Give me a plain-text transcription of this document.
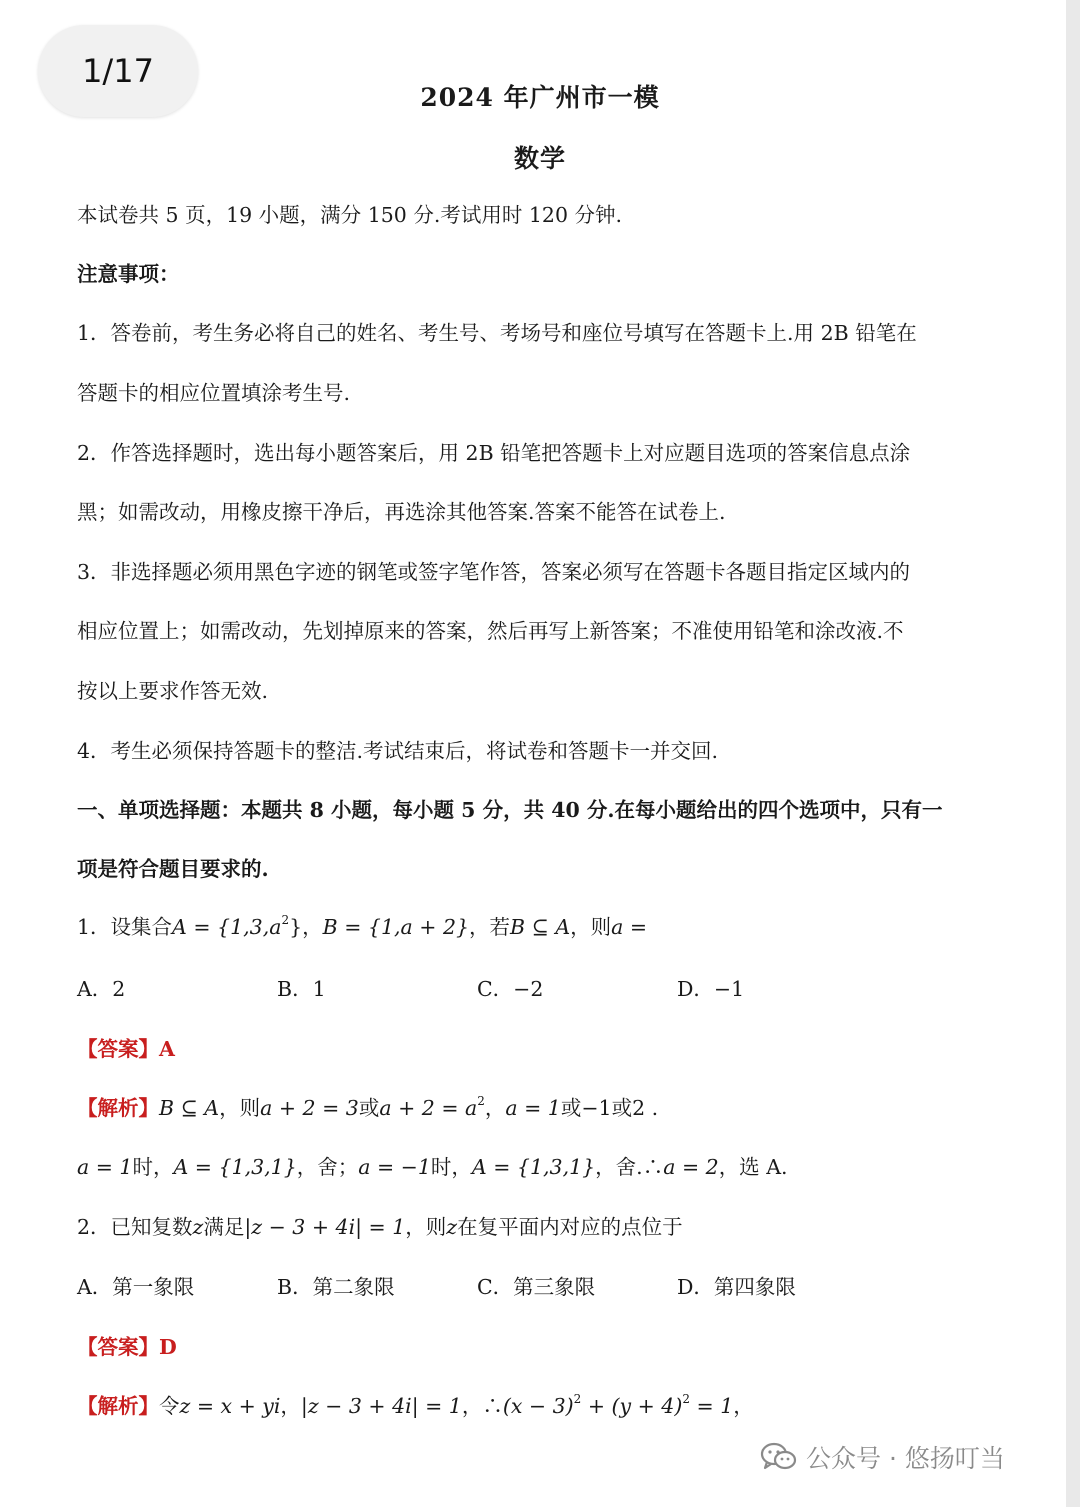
1/17
2024 年广州市一模
数学
本试卷共 5 页，19 小题，满分 150 分.考试用时 120 分钟.
注意事项：
1．答卷前，考生务必将自己的姓名、考生号、考场号和座位号填写在答题卡上.用 2B 铅笔在
答题卡的相应位置填涂考生号.
2．作答选择题时，选出每小题答案后，用 2B 铅笔把答题卡上对应题目选项的答案信息点涂
黑；如需改动，用橡皮擦干净后，再选涂其他答案.答案不能答在试卷上.
3．非选择题必须用黑色字迹的钢笔或签字笔作答，答案必须写在答题卡各题目指定区域内的
相应位置上；如需改动，先划掉原来的答案，然后再写上新答案；不准使用铅笔和涂改液.不
按以上要求作答无效.
4．考生必须保持答题卡的整洁.考试结束后，将试卷和答题卡一并交回.
一、单项选择题：本题共 8 小题，每小题 5 分，共 40 分.在每小题给出的四个选项中，只有一
项是符合题目要求的.
1．设集合$A = \{1,3,a^2\}$，B = {1,a + 2}，若B ⊆ A，则a =
A．2	B．1	C．−2	D．−1
【答案】A
【解析】B ⊆ A，则a + 2 = 3或$a + 2 = a^2$，a = 1或−1或2 .
a = 1时，A = {1,3,1}，舍；a = −1时，A = {1,3,1}，舍.∴a = 2，选 A.
2．已知复数z满足|z − 3 + 4i| = 1，则z在复平面内对应的点位于
A．第一象限	B．第二象限	C．第三象限	D．第四象限
【答案】D
【解析】令z = x + yi，|z − 3 + 4i| = 1，∴(x − $3)^2 + (y + 4)^2 = 1$，
公众号 · 悠扬叮当
